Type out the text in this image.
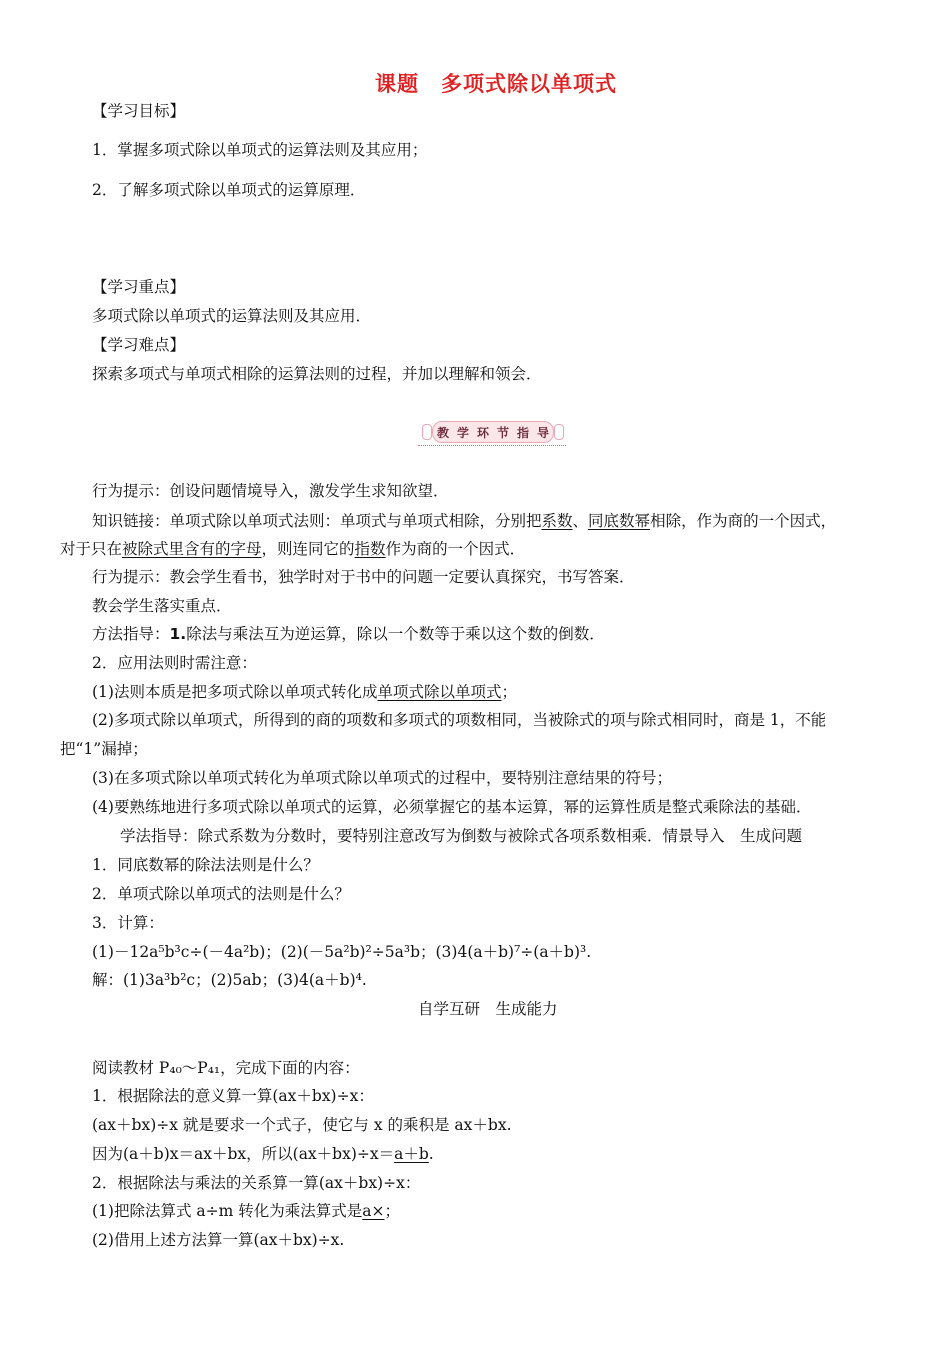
课题 多项式除以单项式
【学习目标】
1．掌握多项式除以单项式的运算法则及其应用；
2．了解多项式除以单项式的运算原理．
【学习重点】
多项式除以单项式的运算法则及其应用．
【学习难点】
探索多项式与单项式相除的运算法则的过程，并加以理解和领会．
教 学 环 节 指 导
行为提示：创设问题情境导入，激发学生求知欲望．
知识链接：单项式除以单项式法则：单项式与单项式相除，分别把系数、同底数幂相除，作为商的一个因式，
对于只在被除式里含有的字母，则连同它的指数作为商的一个因式．
行为提示：教会学生看书，独学时对于书中的问题一定要认真探究，书写答案．
教会学生落实重点．
方法指导：1.除法与乘法互为逆运算，除以一个数等于乘以这个数的倒数．
2．应用法则时需注意：
(1)法则本质是把多项式除以单项式转化成单项式除以单项式；
(2)多项式除以单项式，所得到的商的项数和多项式的项数相同，当被除式的项与除式相同时，商是 1，不能
把“1”漏掉；
(3)在多项式除以单项式转化为单项式除以单项式的过程中，要特别注意结果的符号；
(4)要熟练地进行多项式除以单项式的运算，必须掌握它的基本运算，幂的运算性质是整式乘除法的基础．
学法指导：除式系数为分数时，要特别注意改写为倒数与被除式各项系数相乘．情景导入　生成问题
1．同底数幂的除法法则是什么？
2．单项式除以单项式的法则是什么？
3．计算：
(1)－12a⁵b³c÷(－4a²b)；(2)(－5a²b)²÷5a³b；(3)4(a＋b)⁷÷(a＋b)³.
解：(1)3a³b²c；(2)5ab；(3)4(a＋b)⁴.
自学互研　生成能力
阅读教材 P₄₀～P₄₁，完成下面的内容：
1．根据除法的意义算一算(ax＋bx)÷x：
(ax＋bx)÷x 就是要求一个式子，使它与 x 的乘积是 ax＋bx.
因为(a＋b)x＝ax＋bx，所以(ax＋bx)÷x＝a＋b.
2．根据除法与乘法的关系算一算(ax＋bx)÷x：
(1)把除法算式 a÷m 转化为乘法算式是a×；
(2)借用上述方法算一算(ax＋bx)÷x.
